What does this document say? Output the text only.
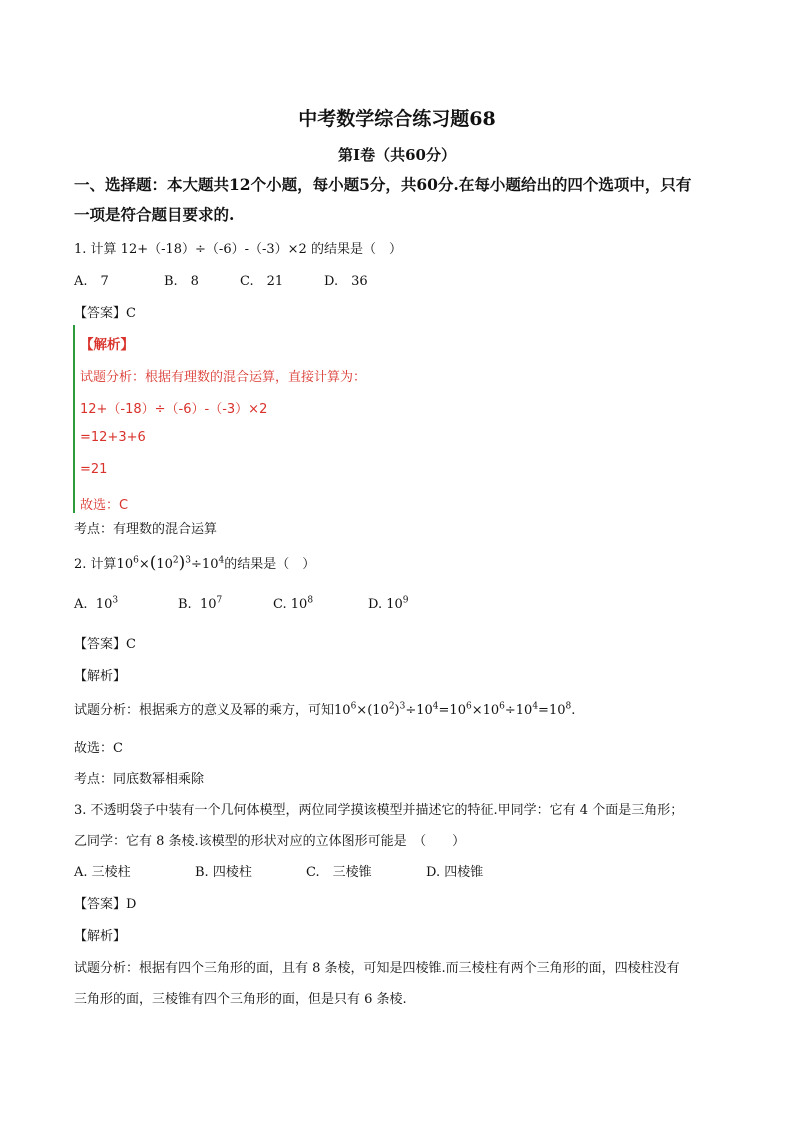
中考数学综合练习题68
第Ⅰ卷（共60分）
一、选择题：本大题共12个小题，每小题5分，共60分.在每小题给出的四个选项中，只有
一项是符合题目要求的.
1. 计算 12+（-18）÷（-6）-（-3）×2 的结果是（　）
A.　7	B.　8	C.　21	D.　36
【答案】C
【解析】
试题分析：根据有理数的混合运算，直接计算为：
12+（-18）÷（-6）-（-3）×2
=12+3+6
=21
故选：C
考点：有理数的混合运算
2. 计算$10^6\times(10^2)^3\div 10^4$的结果是（　）
A. $10^3$	B. $10^7$	C. $10^8$	D. $10^9$
【答案】C
【解析】
试题分析：根据乘方的意义及幂的乘方，可知$10^6\times(10^2)^3\div 10^4=10^6\times 10^6\div 10^4=10^8$.
故选：C
考点：同底数幂相乘除
3. 不透明袋子中装有一个几何体模型，两位同学摸该模型并描述它的特征.甲同学：它有 4 个面是三角形；
乙同学：它有 8 条棱.该模型的形状对应的立体图形可能是　（　　）
A. 三棱柱	B. 四棱柱	C.　三棱锥	D. 四棱锥
【答案】D
【解析】
试题分析：根据有四个三角形的面，且有 8 条棱，可知是四棱锥.而三棱柱有两个三角形的面，四棱柱没有
三角形的面，三棱锥有四个三角形的面，但是只有 6 条棱.
